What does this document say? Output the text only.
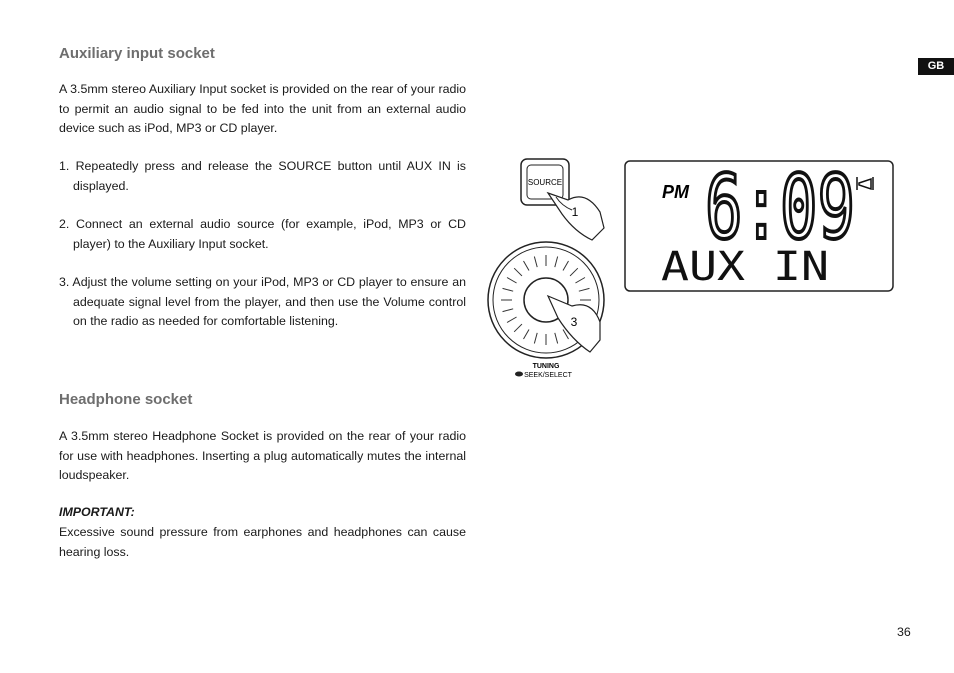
Auxiliary input socket

A 3.5mm stereo Auxiliary Input socket is provided on the rear of your radio to permit an audio signal to be fed into the unit from an external audio device such as iPod, MP3 or CD player.

1. Repeatedly press and release the SOURCE button until AUX IN is displayed.

2. Connect an external audio source (for example, iPod, MP3 or CD player) to the Auxiliary Input socket.

3. Adjust the volume setting on your iPod, MP3 or CD player to ensure an adequate signal level from the player, and then use the Volume control on the radio as needed for comfortable listening.

Headphone socket

A 3.5mm stereo Headphone Socket is provided on the rear of your radio for use with headphones. Inserting a plug automatically mutes the internal loudspeaker.

IMPORTANT:

Excessive sound pressure from earphones and headphones can cause hearing loss.

GB
36
SOURCE
1
3
TUNING
SEEK/SELECT
PM 6:09
AUX IN
